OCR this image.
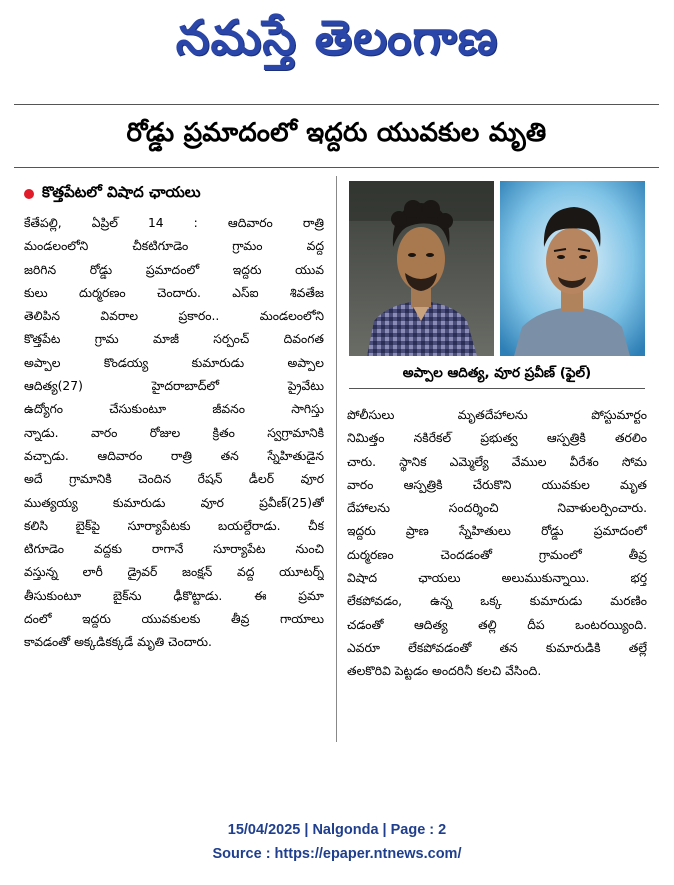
నమస్తే తెలంగాణ
రోడ్డు ప్రమాదంలో ఇద్దరు యువకుల మృతి
కొత్తపేటలో విషాద ఛాయలు
కేతేపల్లి, ఏప్రిల్ 14 : ఆదివారం రాత్రి
మండలంలోని చీకటిగూడెం గ్రామం వద్ద
జరిగిన రోడ్డు ప్రమాదంలో ఇద్దరు యువ
కులు దుర్మరణం చెందారు. ఎస్ఐ శివతేజ
తెలిపిన వివరాల ప్రకారం.. మండలంలోని
కొత్తపేట గ్రామ మాజీ సర్పంచ్ దివంగత
అప్పాల కొండయ్య కుమారుడు అప్పాల
ఆదిత్య(27) హైదరాబాద్‌లో ప్రైవేటు
ఉద్యోగం చేసుకుంటూ జీవనం సాగిస్తు
న్నాడు. వారం రోజుల క్రితం స్వగ్రామానికి
వచ్చాడు. ఆదివారం రాత్రి తన స్నేహితుడైన
అదే గ్రామానికి చెందిన రేషన్ డీలర్ వూర
ముత్యయ్య కుమారుడు వూర ప్రవీణ్(25)తో
కలిసి బైక్‌పై సూర్యాపేటకు బయల్దేరాడు. చీక
టిగూడెం వద్దకు రాగానే సూర్యాపేట నుంచి
వస్తున్న లారీ డ్రైవర్ జంక్షన్ వద్ద యూటర్న్
తీసుకుంటూ బైక్‌ను ఢీకొట్టాడు. ఈ ప్రమా
దంలో ఇద్దరు యువకులకు తీవ్ర గాయాలు
కావడంతో అక్కడికక్కడే మృతి చెందారు.
అప్పాల ఆదిత్య, వూర ప్రవీణ్ (ఫైల్)
పోలీసులు మృతదేహాలను పోస్టుమార్టం
నిమిత్తం నకిరేకల్ ప్రభుత్వ ఆస్పత్రికి తరలిం
చారు. స్థానిక ఎమ్మెల్యే వేముల వీరేశం సోమ
వారం ఆస్పత్రికి చేరుకొని యువకుల మృత
దేహాలను సందర్శించి నివాళులర్పించారు.
ఇద్దరు ప్రాణ స్నేహితులు రోడ్డు ప్రమాదంలో
దుర్మరణం చెందడంతో గ్రామంలో తీవ్ర
విషాద ఛాయలు అలుముకున్నాయి. భర్త
లేకపోవడం, ఉన్న ఒక్క కుమారుడు మరణిం
చడంతో ఆదిత్య తల్లి దీప ఒంటరయ్యింది.
ఎవరూ లేకపోవడంతో తన కుమారుడికి తల్లే
తలకొరివి పెట్టడం అందరినీ కలచి వేసింది.
15/04/2025 | Nalgonda | Page : 2
Source : https://epaper.ntnews.com/
